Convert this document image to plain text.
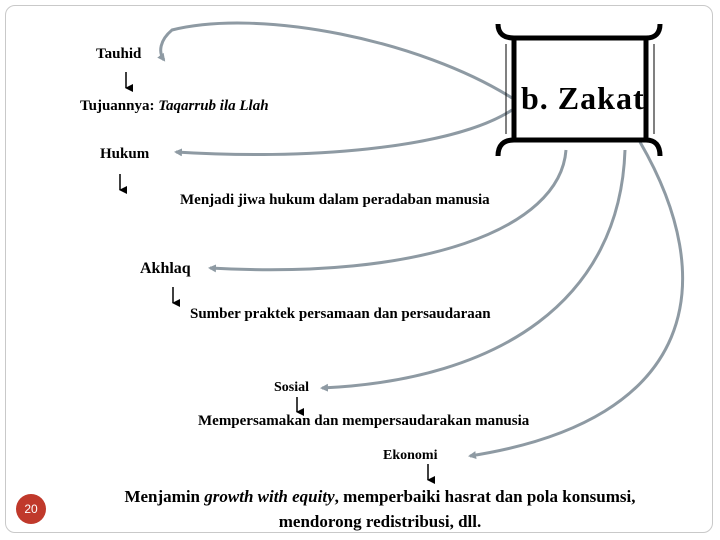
b. Zakat
Tauhid
Tujuannya: Taqarrub ila Llah
Hukum
Menjadi jiwa hukum dalam peradaban manusia
Akhlaq
Sumber praktek persamaan dan persaudaraan
Sosial
Mempersamakan dan mempersaudarakan manusia
Ekonomi
Menjamin growth with equity, memperbaiki hasrat dan pola konsumsi,
mendorong redistribusi, dll.
20
